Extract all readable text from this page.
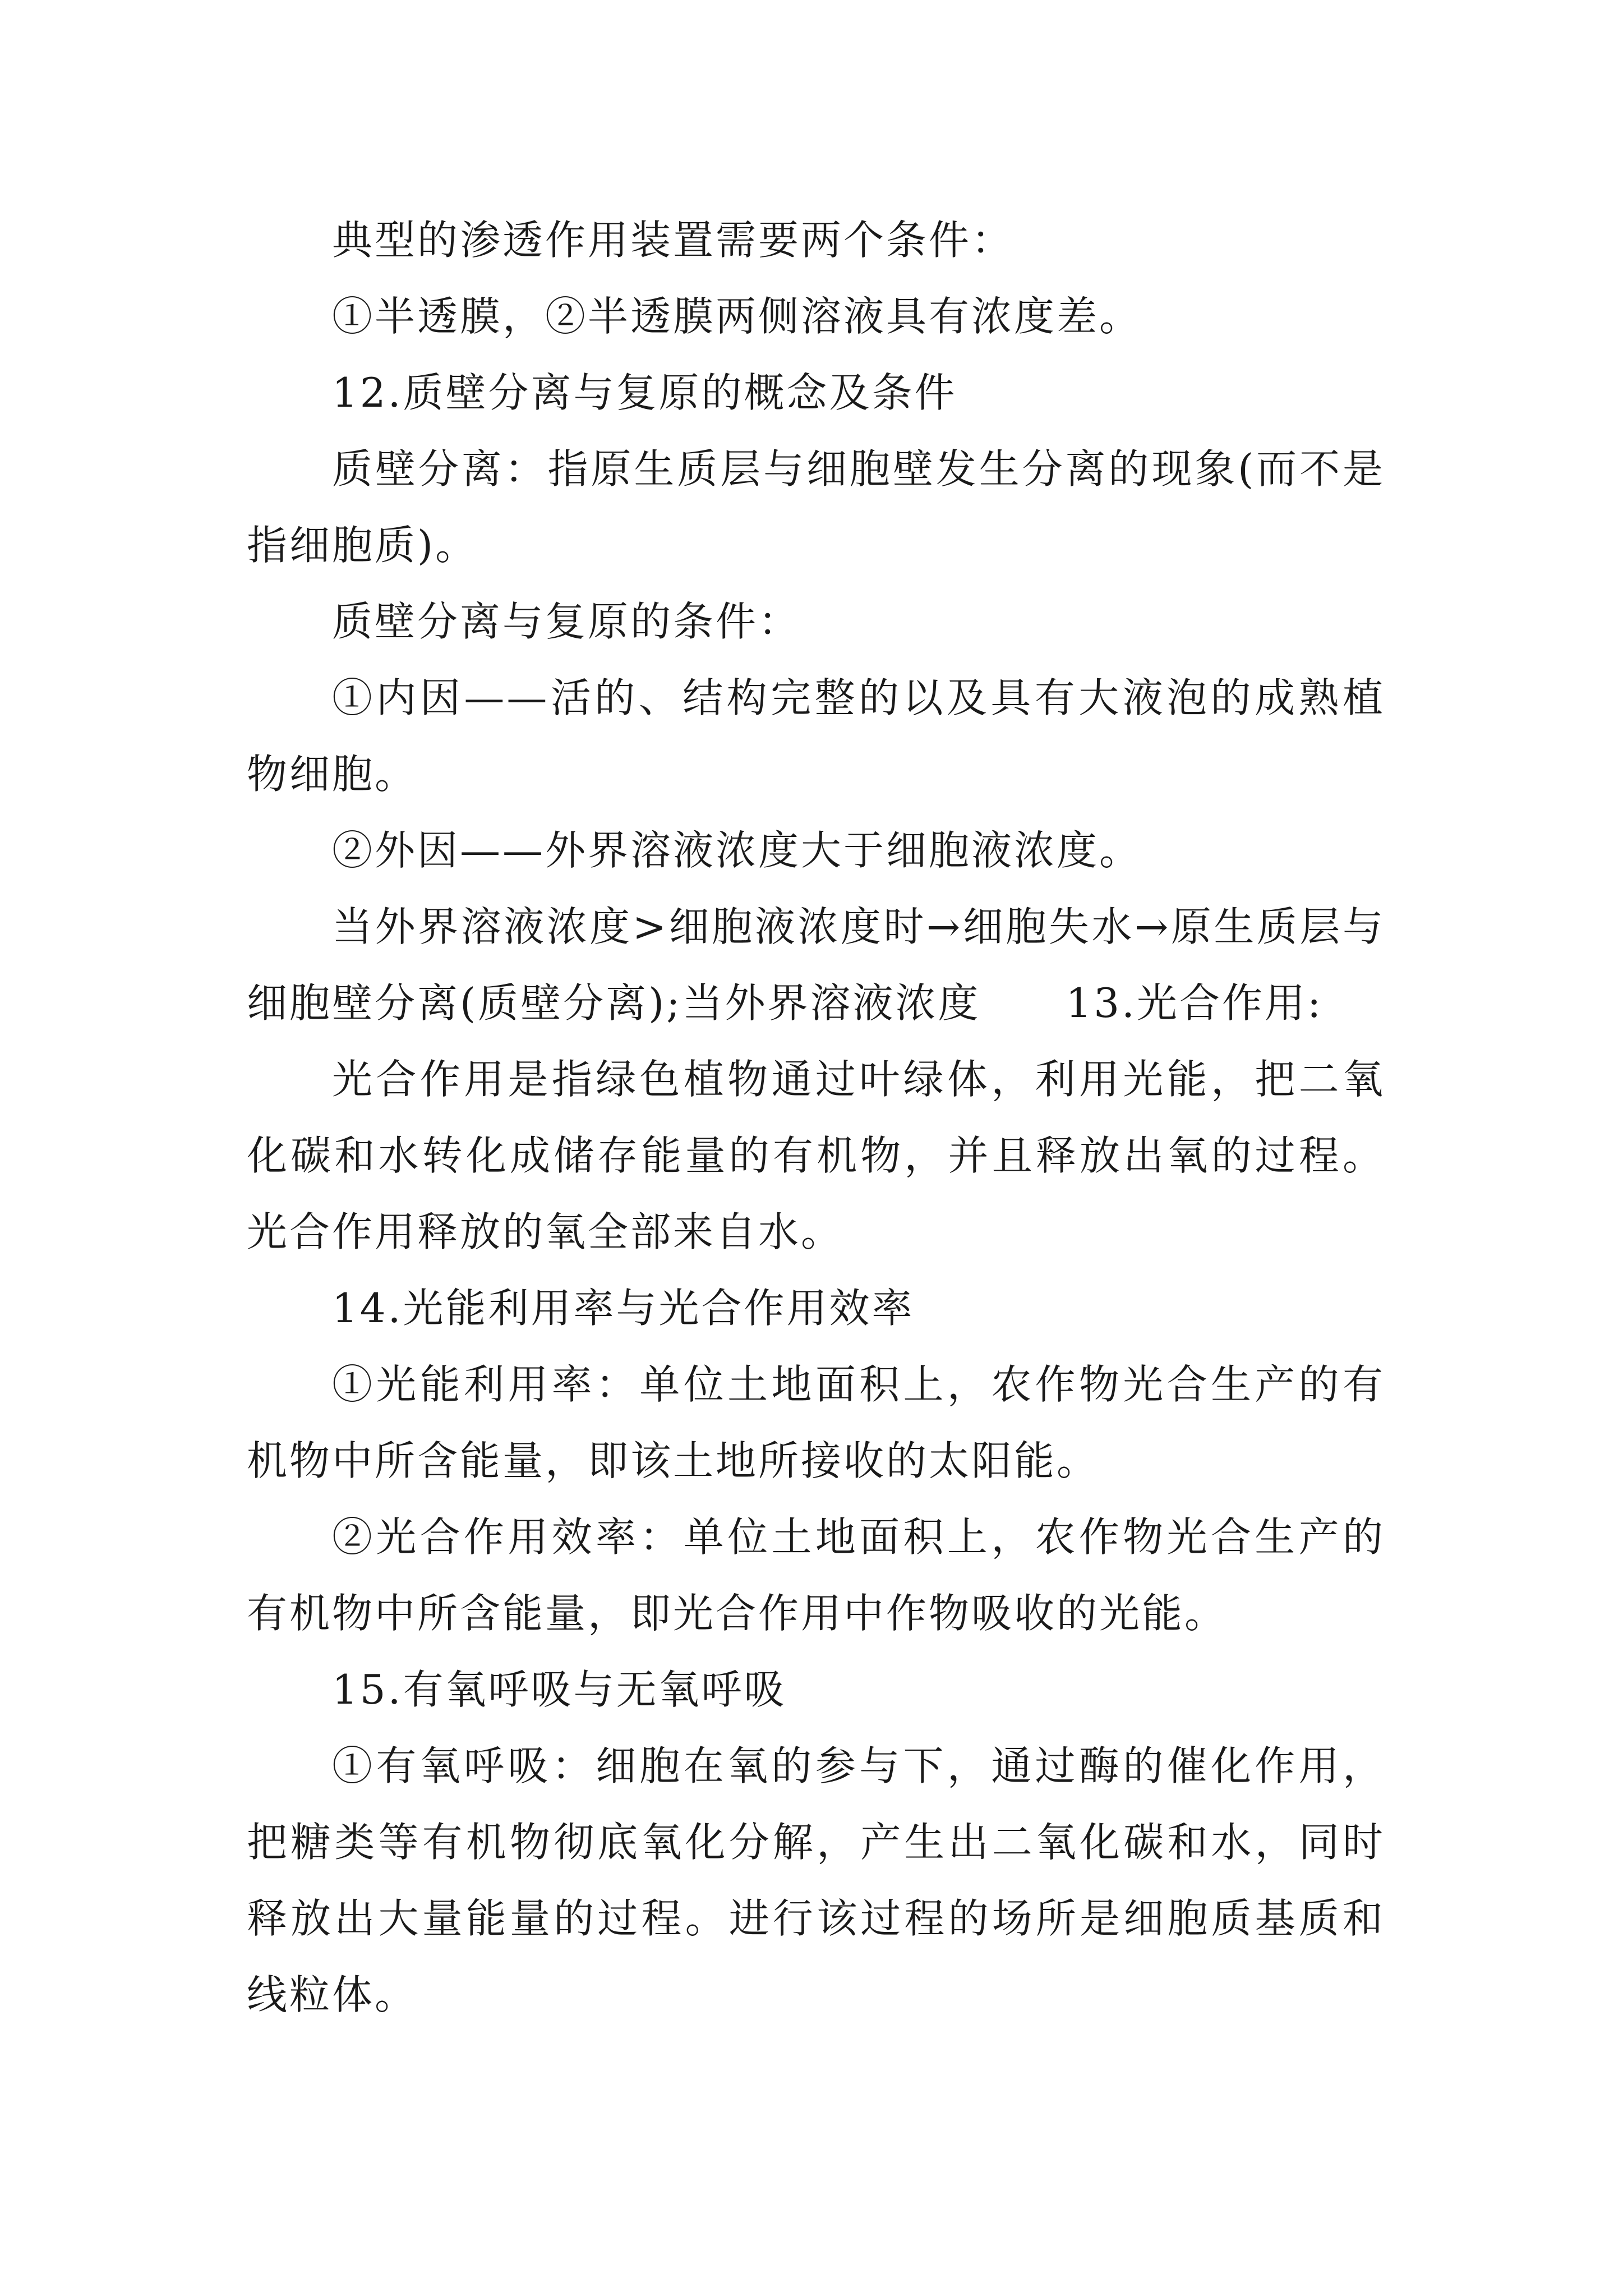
典型的渗透作用装置需要两个条件：

①半透膜，②半透膜两侧溶液具有浓度差。

12.质壁分离与复原的概念及条件

质壁分离：指原生质层与细胞壁发生分离的现象(而不是指细胞质)。

质壁分离与复原的条件：

①内因——活的、结构完整的以及具有大液泡的成熟植物细胞。

②外因——外界溶液浓度大于细胞液浓度。

当外界溶液浓度>细胞液浓度时→细胞失水→原生质层与细胞壁分离(质壁分离);当外界溶液浓度　　13.光合作用:

光合作用是指绿色植物通过叶绿体，利用光能，把二氧化碳和水转化成储存能量的有机物，并且释放出氧的过程。光合作用释放的氧全部来自水。

14.光能利用率与光合作用效率

①光能利用率：单位土地面积上，农作物光合生产的有机物中所含能量，即该土地所接收的太阳能。

②光合作用效率：单位土地面积上，农作物光合生产的有机物中所含能量，即光合作用中作物吸收的光能。

15.有氧呼吸与无氧呼吸

①有氧呼吸：细胞在氧的参与下，通过酶的催化作用，把糖类等有机物彻底氧化分解，产生出二氧化碳和水，同时释放出大量能量的过程。进行该过程的场所是细胞质基质和线粒体。
